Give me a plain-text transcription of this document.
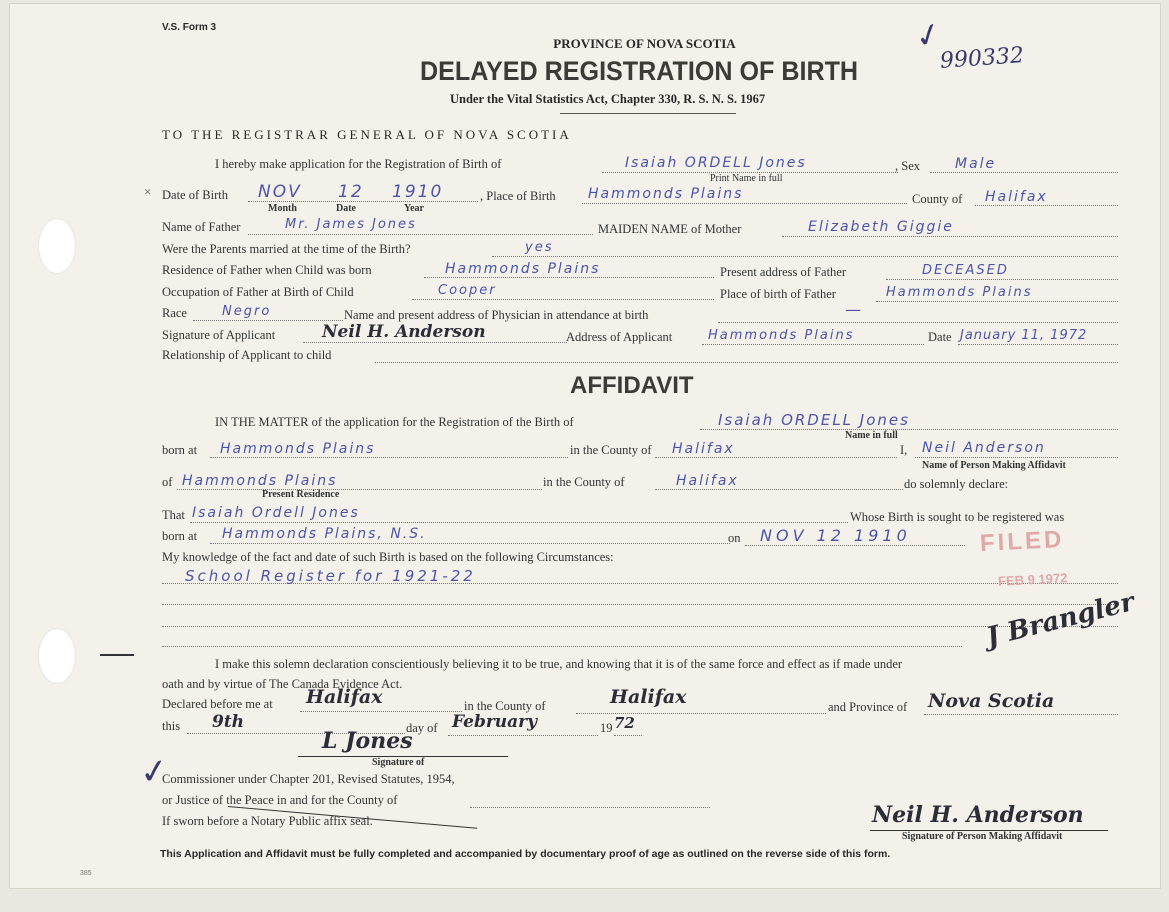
V.S. Form 3
PROVINCE OF NOVA SCOTIA
DELAYED REGISTRATION OF BIRTH
Under the Vital Statistics Act, Chapter 330, R. S. N. S. 1967
✓
990332
TO THE REGISTRAR GENERAL OF NOVA SCOTIA
I hereby make application for the Registration of Birth of	Isaiah ORDELL Jones
Print Name in full
, Sex	Male
× Date of Birth NOV 12 1910
Month	Date	Year
, Place of Birth Hammonds Plains	County of Halifax
Name of Father	Mr. James Jones	MAIDEN NAME of Mother	Elizabeth Giggie
Were the Parents married at the time of the Birth?	yes
Residence of Father when Child was born	Hammonds Plains	Present address of Father	DECEASED
Occupation of Father at Birth of Child	Cooper	Place of birth of Father	Hammonds Plains
Race	Negro	Name and present address of Physician in attendance at birth	—
Signature of Applicant	Neil H. Anderson	Address of Applicant	Hammonds Plains	Date January 11, 1972
Relationship of Applicant to child
AFFIDAVIT
IN THE MATTER of the application for the Registration of the Birth of	Isaiah ORDELL Jones
Name in full
born at Hammonds Plains	in the County of Halifax	I, Neil Anderson
Name of Person Making Affidavit
of Hammonds Plains
Present Residence
in the County of	Halifax	do solemnly declare:
That Isaiah Ordell Jones	Whose Birth is sought to be registered was
born at Hammonds Plains, N.S.	on NOV 12 1910
My knowledge of the fact and date of such Birth is based on the following Circumstances:
School Register for 1921-22
I make this solemn declaration conscientiously believing it to be true, and knowing that it is of the same force and effect as if made under
oath and by virtue of The Canada Evidence Act.
Declared before me at Halifax	in the County of	Halifax	and Province of Nova Scotia
this 9th	day of February	19 72
L Jones
Signature of
✓
Commissioner under Chapter 201, Revised Statutes, 1954,
or Justice of the Peace in and for the County of
If sworn before a Notary Public affix seal.	Neil H. Anderson
Signature of Person Making Affidavit
FILED
FEB 9 1972
J Brangler
This Application and Affidavit must be fully completed and accompanied by documentary proof of age as outlined on the reverse side of this form.
385
